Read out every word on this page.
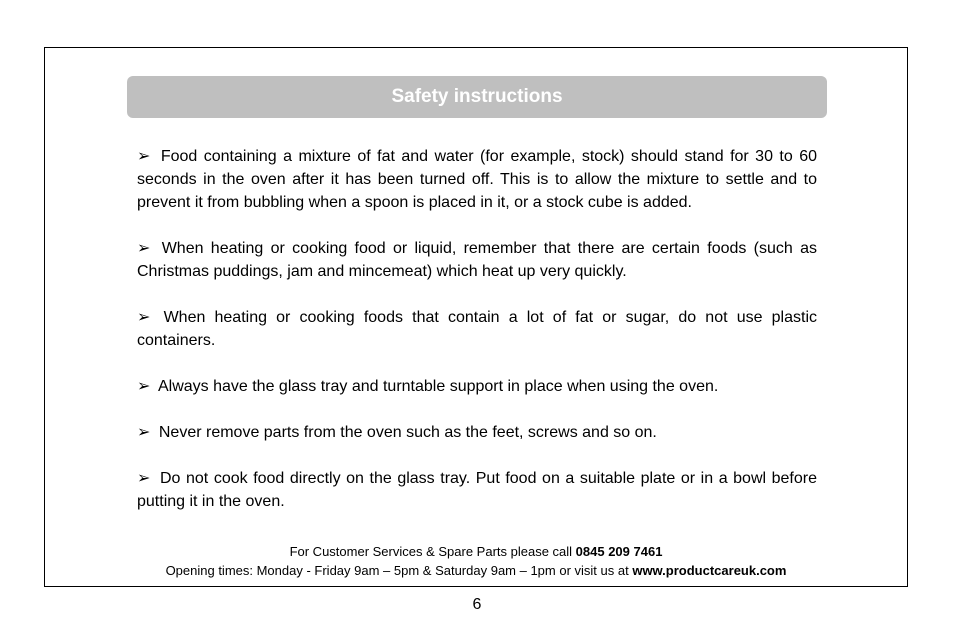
Safety instructions

➢ Food containing a mixture of fat and water (for example, stock) should stand for 30 to 60 seconds in the oven after it has been turned off. This is to allow the mixture to settle and to prevent it from bubbling when a spoon is placed in it, or a stock cube is added.

➢ When heating or cooking food or liquid, remember that there are certain foods (such as Christmas puddings, jam and mincemeat) which heat up very quickly.

➢ When heating or cooking foods that contain a lot of fat or sugar, do not use plastic containers.

➢ Always have the glass tray and turntable support in place when using the oven.

➢ Never remove parts from the oven such as the feet, screws and so on.

➢ Do not cook food directly on the glass tray. Put food on a suitable plate or in a bowl before putting it in the oven.

For Customer Services & Spare Parts please call 0845 209 7461
Opening times: Monday - Friday 9am – 5pm & Saturday 9am – 1pm or visit us at www.productcareuk.com
6
